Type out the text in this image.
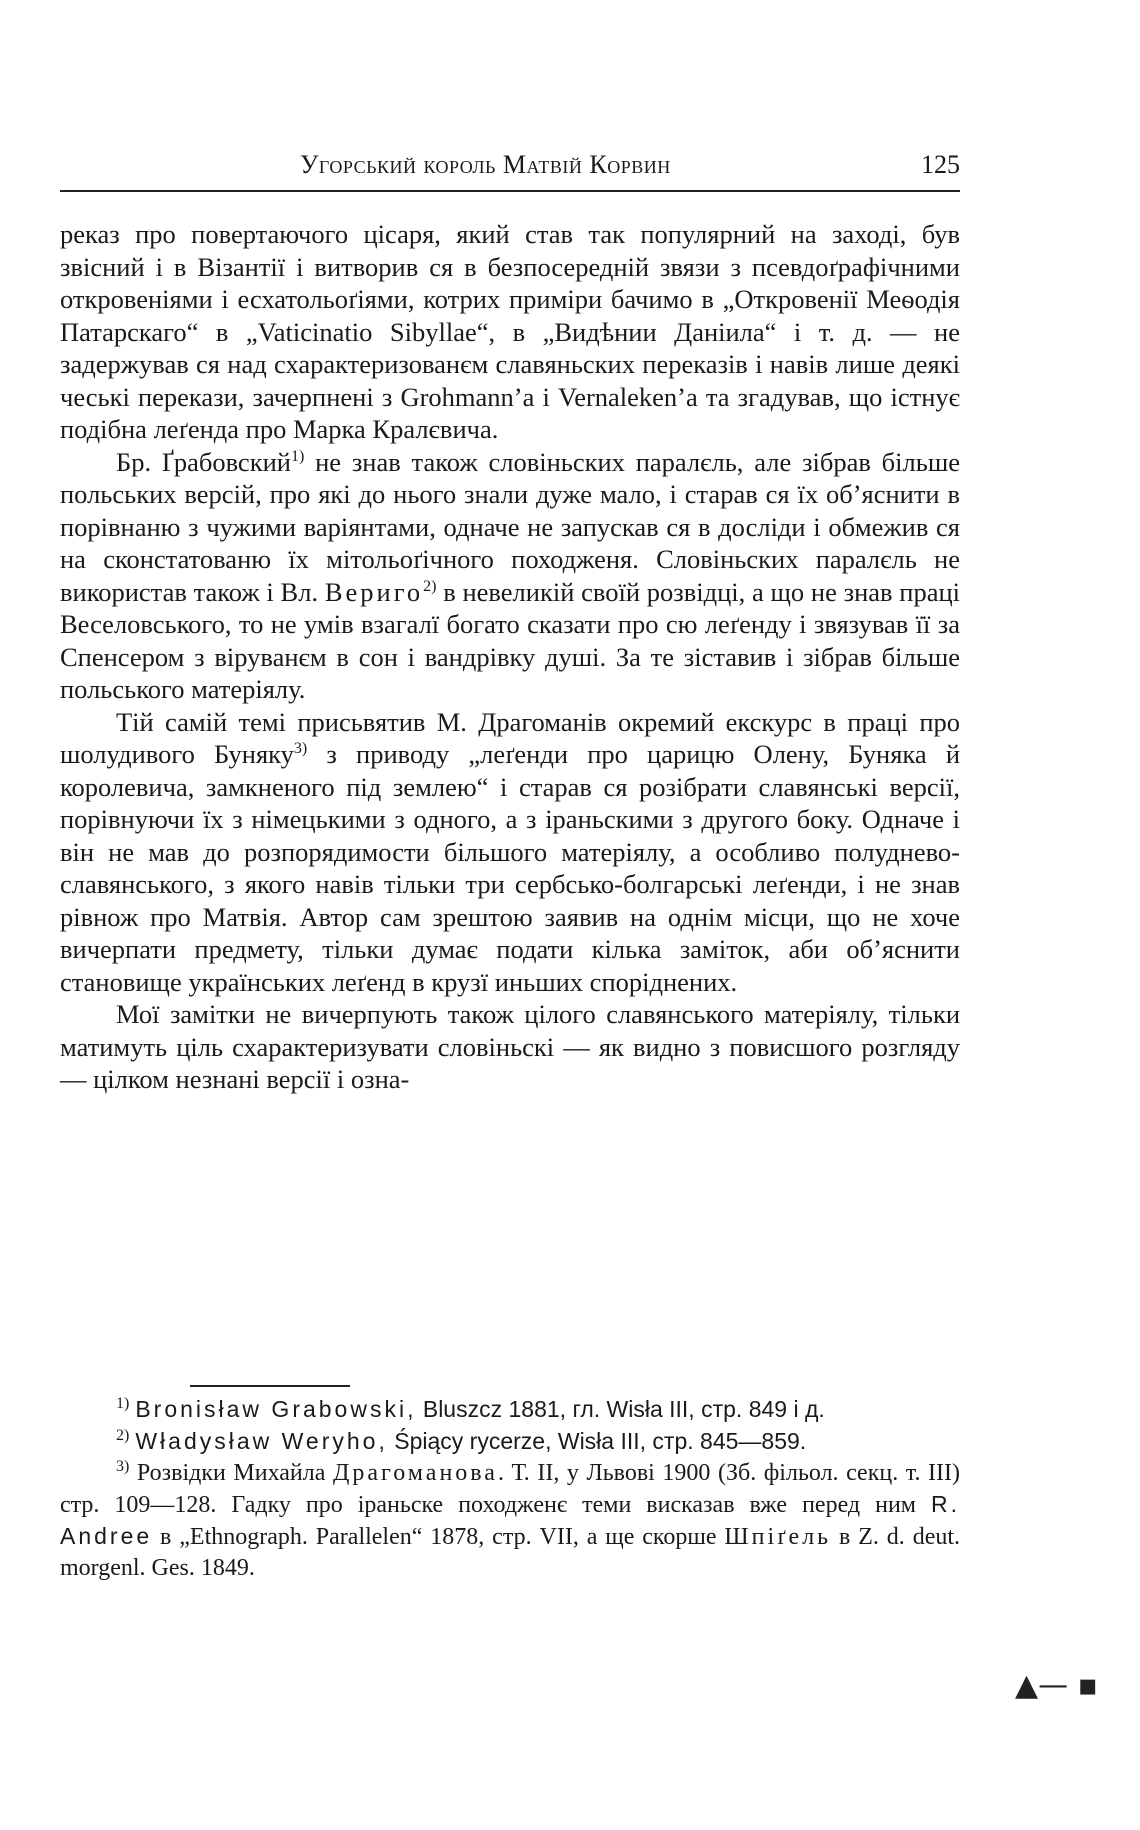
Угорський король Матвій Корвин	125

реказ про повертаючого цісаря, який став так популярний на заході, був звісний і в Візантії і витворив ся в безпосередній звязи з псевдоґрафічними откровеніями і есхатольоґіями, котрих приміри бачимо в „Откровенії Меѳодія Патарскаго“ в „Vaticinatio Sibyllae“, в „Видѣнии Даніила“ і т. д. — не задержував ся над схарактеризованєм славяньских переказів і навів лише деякі чеські перекази, зачерпнені з Grohmann’а і Vernaleken’а та згадував, що істнує подібна леґенда про Марка Кралєвича.

Бр. Ґрабовский$^{1)}$ не знав також словіньских паралєль, але зібрав більше польських версій, про які до нього знали дуже мало, і старав ся їх об’яснити в порівнаню з чужими варіянтами, одначе не запускав ся в досліди і обмежив ся на сконстатованю їх мітольоґічного походженя. Словіньских паралєль не використав також і Вл. Вериго$^{2)}$ в невеликій своїй розвідці, а що не знав праці Веселовського, то не умів взагалї богато сказати про сю леґенду і звязував її за Спенсером з віруванєм в сон і вандрівку душі. За те зіставив і зібрав більше польського матеріялу.

Тій самій темі присьвятив М. Драгоманів окремий екскурс в праці про шолудивого Буняку$^{3)}$ з приводу „леґенди про царицю Олену, Буняка й королевича, замкненого під землею“ і старав ся розібрати славянські версії, порівнуючи їх з німецькими з одного, а з іраньскими з другого боку. Одначе і він не мав до розпорядимости більшого матеріялу, а особливо полуднево-славянського, з якого навів тільки три сербсько-болгарські леґенди, і не знав рівнож про Матвія. Автор сам зрештою заявив на однім місци, що не хоче вичерпати предмету, тільки думає подати кілька заміток, аби об’яснити становище українських леґенд в крузї иньших споріднених.

Мої замітки не вичерпують також цілого славянського матеріялу, тільки матимуть ціль схарактеризувати словіньскі — як видно з повисшого розгляду — цілком незнані версії і озна-

$^{1)}$ Bronisław Grabowski, Bluszcz 1881, гл. Wisła III, стр. 849 і д.

$^{2)}$ Władysław Weryho, Śpiący rycerze, Wisła III, стр. 845—859.

$^{3)}$ Розвідки Михайла Драгоманова. Т. II, у Львові 1900 (Зб. фільол. секц. т. III) стр. 109—128. Гадку про іраньске походженє теми висказав вже перед ним R. Andree в „Ethnograph. Parallelen“ 1878, стр. VII, а ще скорше Шпіґель в Z. d. deut. morgenl. Ges. 1849.

▲— ▪
